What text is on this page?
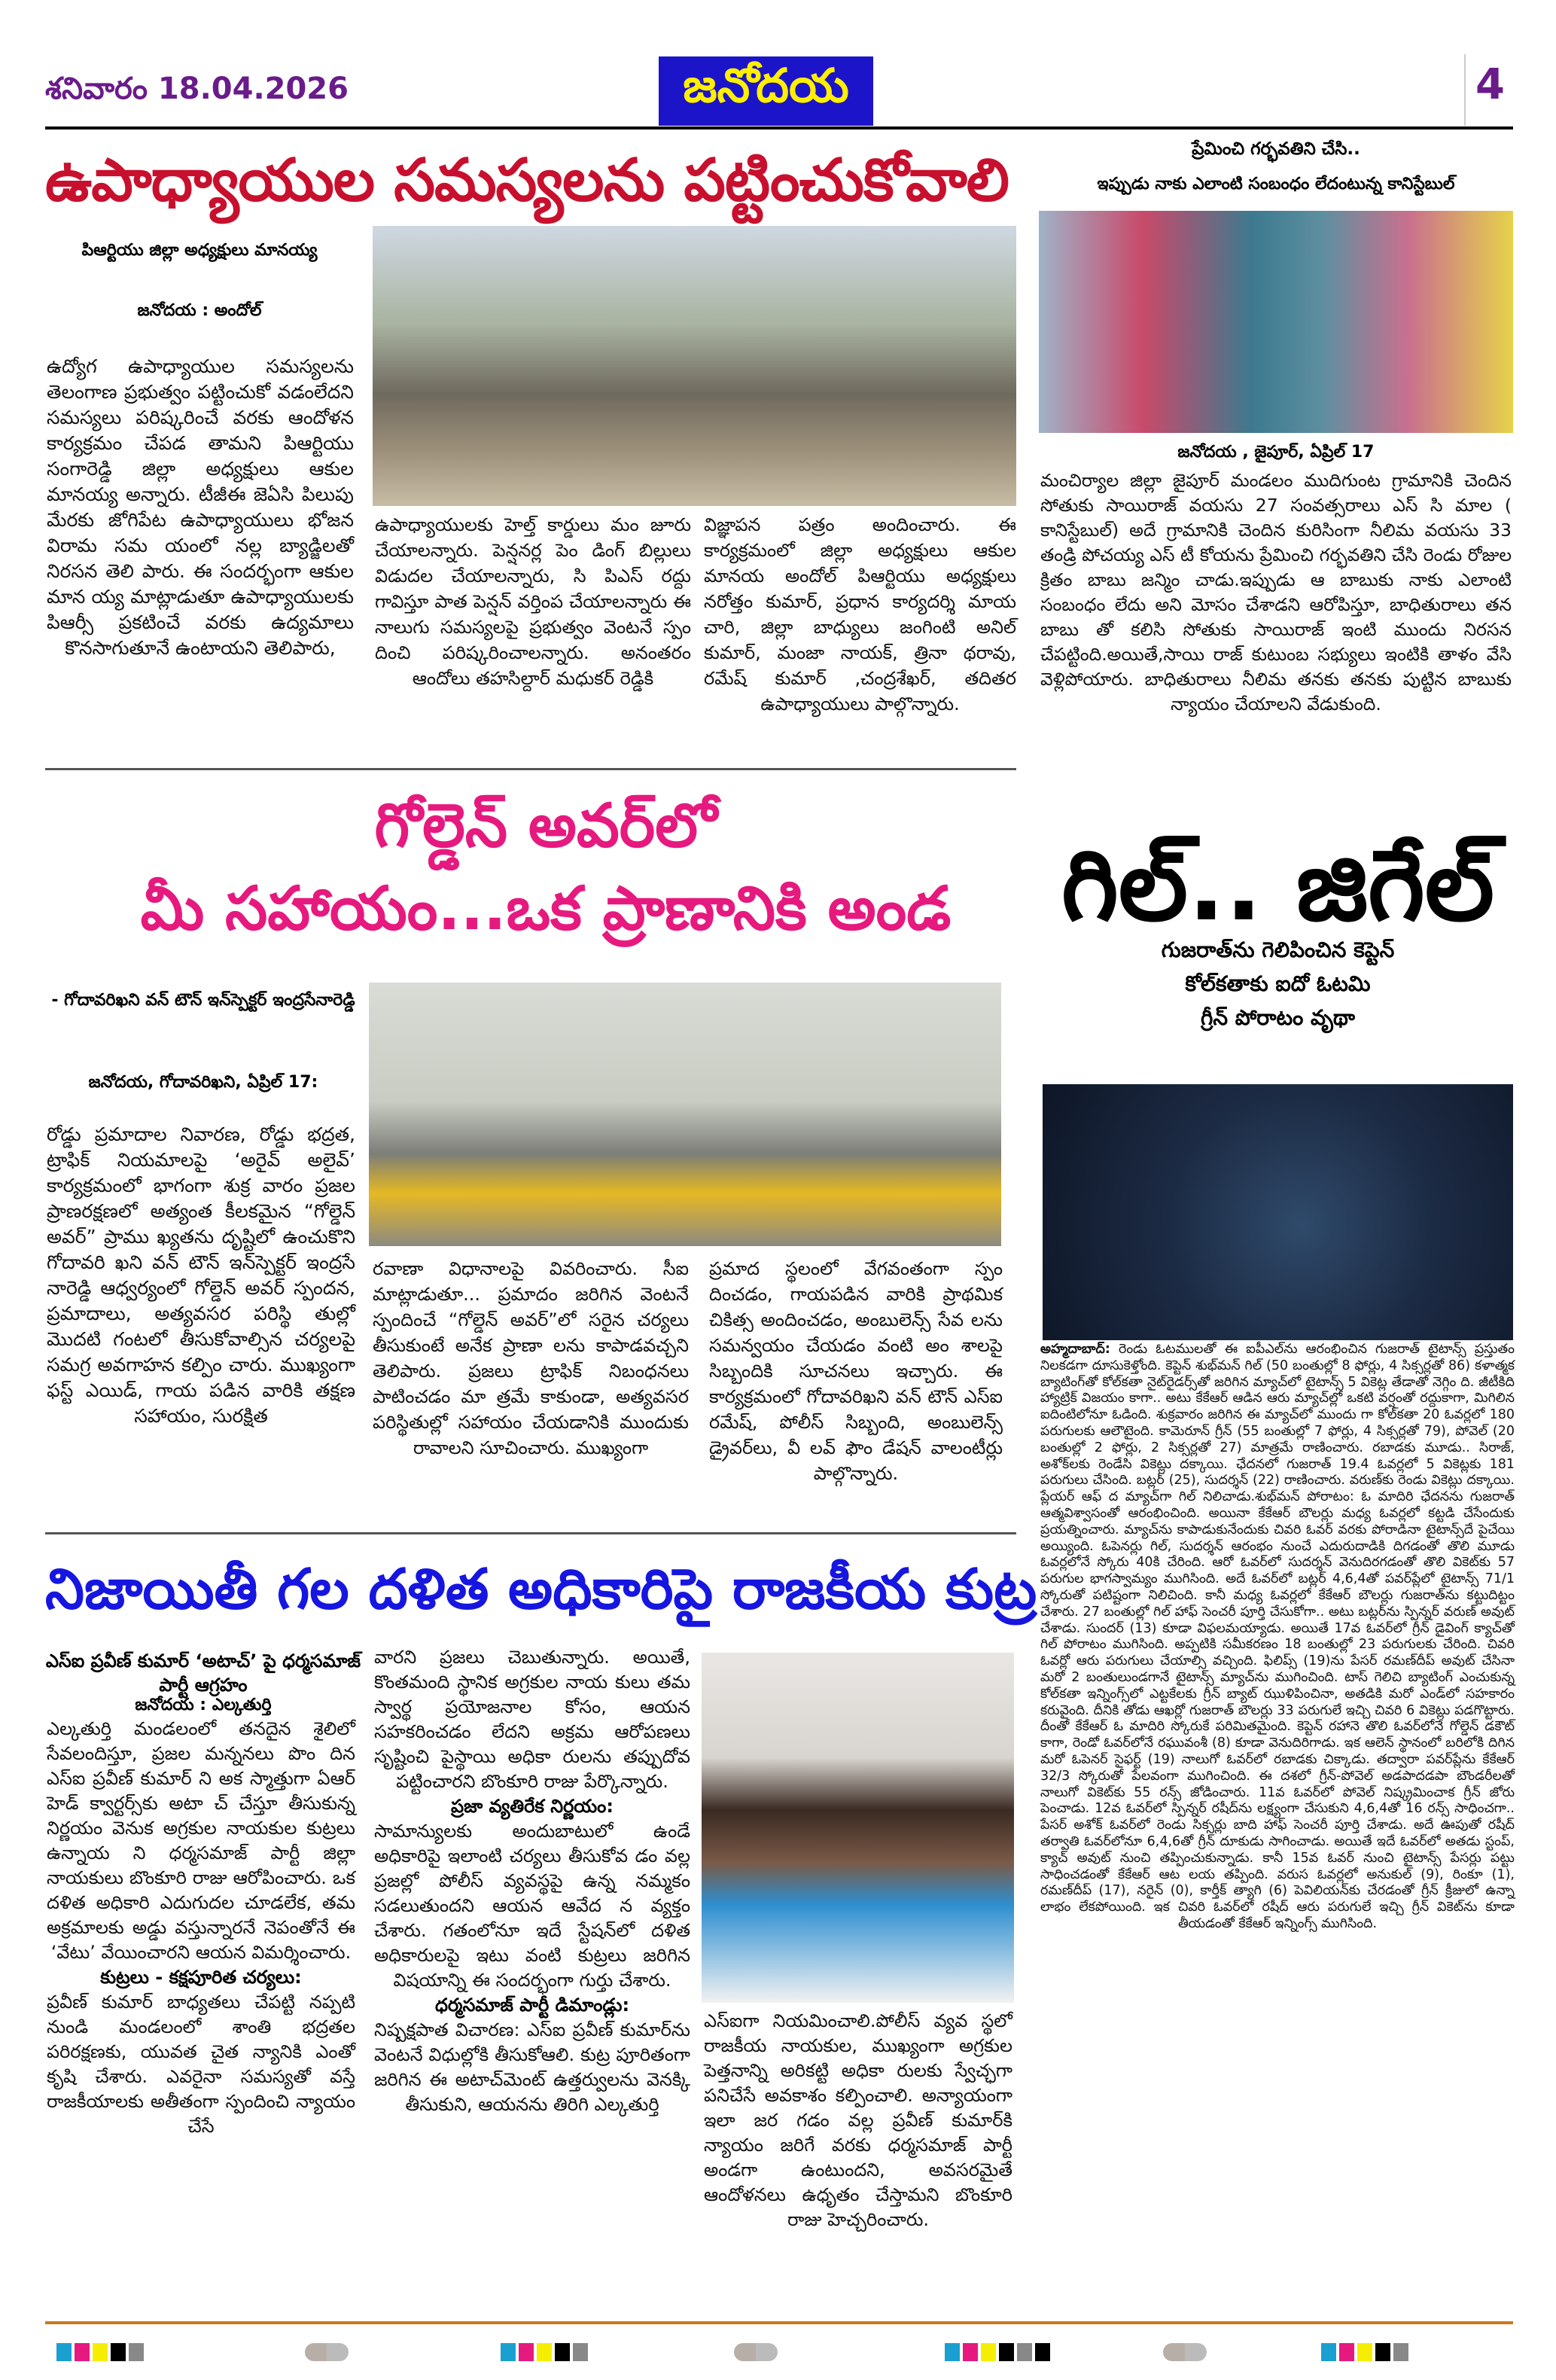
శనివారం 18.04.2026	జనోదయ	4
ఉపాధ్యాయుల సమస్యలను పట్టించుకోవాలి
పిఆర్టియు జిల్లా అధ్యక్షులు మానయ్య
జనోదయ : అందోల్
ఉద్యోగ ఉపాధ్యాయుల సమస్యలను తెలంగాణ ప్రభుత్వం పట్టించుకో వడంలేదని సమస్యలు పరిష్కరించే వరకు ఆందోళన కార్యక్రమం చేపడ తామని పిఆర్టియు సంగారెడ్డి జిల్లా అధ్యక్షులు ఆకుల మానయ్య అన్నారు. టీజీఈ జెఏసి పిలుపు మేరకు జోగిపేట ఉపాధ్యాయులు భోజన విరామ సమ యంలో నల్ల బ్యాడ్జిలతో నిరసన తెలి పారు. ఈ సందర్భంగా ఆకుల మాన య్య మాట్లాడుతూ ఉపాధ్యాయులకు పిఆర్సీ ప్రకటించే వరకు ఉద్యమాలు కొనసాగుతూనే ఉంటాయని తెలిపారు,
ఉపాధ్యాయులకు హెల్త్ కార్డులు మం జూరు చేయాలన్నారు. పెన్షనర్ల పెం డింగ్ బిల్లులు విడుదల చేయాలన్నారు, సి పిఎస్ రద్దు గావిస్తూ పాత పెన్షన్ వర్తింప చేయాలన్నారు ఈ నాలుగు సమస్యలపై ప్రభుత్వం వెంటనే స్పం దించి పరిష్కరించాలన్నారు. అనంతరం ఆందోలు తహసిల్దార్ మధుకర్ రెడ్డికి
విజ్ఞాపన పత్రం అందించారు. ఈ కార్యక్రమంలో జిల్లా అధ్యక్షులు ఆకుల మానయ అందోల్ పిఆర్టియు అధ్యక్షులు నరోత్తం కుమార్, ప్రధాన కార్యదర్శి మాయ చారి, జిల్లా బాధ్యులు జంగింటి అనిల్ కుమార్, మంజా నాయక్, త్రినా థరావు, రమేష్ కుమార్ ,చంద్రశేఖర్, తదితర ఉపాధ్యాయులు పాల్గొన్నారు.
ప్రేమించి గర్భవతిని చేసి..
ఇప్పుడు నాకు ఎలాంటి సంబంధం లేదంటున్న కానిస్టేబుల్
జనోదయ , జైపూర్, ఏప్రిల్ 17
మంచిర్యాల జిల్లా జైపూర్ మండలం ముదిగుంట గ్రామానికి చెందిన సోతుకు సాయిరాజ్ వయసు 27 సంవత్సరాలు ఎస్ సి మాల ( కానిస్టేబుల్) అదే గ్రామానికి చెందిన కురిసింగా నీలిమ వయసు 33 తండ్రి పోచయ్య ఎస్ టీ కోయను ప్రేమించి గర్భవతిని చేసి రెండు రోజుల క్రితం బాబు జన్మిం చాడు.ఇప్పుడు ఆ బాబుకు నాకు ఎలాంటి సంబంధం లేదు అని మోసం చేశాడని ఆరోపిస్తూ, బాధితురాలు తన బాబు తో కలిసి సోతుకు సాయిరాజ్ ఇంటి ముందు నిరసన చేపట్టింది.అయితే,సాయి రాజ్ కుటుంబ సభ్యులు ఇంటికి తాళం వేసి వెళ్లిపోయారు. బాధితురాలు నీలిమ తనకు తనకు పుట్టిన బాబుకు న్యాయం చేయాలని వేడుకుంది.
గోల్డెన్ అవర్‌లో
మీ సహాయం...ఒక ప్రాణానికి అండ
- గోదావరిఖని వన్ టౌన్ ఇన్‌స్పెక్టర్ ఇంద్రసేనారెడ్డి
జనోదయ, గోదావరిఖని, ఏప్రిల్ 17:
రోడ్డు ప్రమాదాల నివారణ, రోడ్డు భద్రత, ట్రాఫిక్ నియమాలపై ‘అరైవ్ అలైవ్’ కార్యక్రమంలో భాగంగా శుక్ర వారం ప్రజల ప్రాణరక్షణలో అత్యంత కీలకమైన “గోల్డెన్ అవర్” ప్రాము ఖ్యతను దృష్టిలో ఉంచుకొని గోదావరి ఖని వన్ టౌన్ ఇన్‌స్పెక్టర్ ఇంద్రసే నారెడ్డి ఆధ్వర్యంలో గోల్డెన్ అవర్ స్పందన, ప్రమాదాలు, అత్యవసర పరిస్థి తుల్లో మొదటి గంటలో తీసుకోవాల్సిన చర్యలపై సమగ్ర అవగాహన కల్పిం చారు. ముఖ్యంగా ఫస్ట్ ఎయిడ్, గాయ పడిన వారికి తక్షణ సహాయం, సురక్షిత
రవాణా విధానాలపై వివరించారు. సీఐ మాట్లాడుతూ... ప్రమాదం జరిగిన వెంటనే స్పందించే “గోల్డెన్ అవర్”లో సరైన చర్యలు తీసుకుంటే అనేక ప్రాణా లను కాపాడవచ్చని తెలిపారు. ప్రజలు ట్రాఫిక్ నిబంధనలు పాటించడం మా త్రమే కాకుండా, అత్యవసర పరిస్థితుల్లో సహాయం చేయడానికి ముందుకు రావాలని సూచించారు. ముఖ్యంగా
ప్రమాద స్థలంలో వేగవంతంగా స్పం దించడం, గాయపడిన వారికి ప్రాథమిక చికిత్స అందించడం, అంబులెన్స్ సేవ లను సమన్వయం చేయడం వంటి అం శాలపై సిబ్బందికి సూచనలు ఇచ్చారు. ఈ కార్యక్రమంలో గోదావరిఖని వన్ టౌన్ ఎస్ఐ రమేష్, పోలీస్ సిబ్బంది, అంబులెన్స్ డ్రైవర్‌లు, వీ లవ్ ఫౌం డేషన్ వాలంటీర్లు పాల్గొన్నారు.
గిల్.. జిగేల్
గుజరాత్‌ను గెలిపించిన కెప్టెన్
కోల్‌కతాకు ఐదో ఓటమి
గ్రీన్ పోరాటం వృథా
అహ్మదాబాద్: రెండు ఓటములతో ఈ ఐపీఎల్‌ను ఆరంభించిన గుజరాత్ టైటాన్స్ ప్రస్తుతం నిలకడగా దూసుకెళ్తోంది. కెప్టెన్ శుభ్‌మన్ గిల్ (50 బంతుల్లో 8 ఫోర్లు, 4 సిక్సర్లతో 86) కళాత్మక బ్యాటింగ్‌తో కోల్‌కతా నైట్‌రైడర్స్‌తో జరిగిన మ్యాచ్‌లో టైటాన్స్ 5 వికెట్ల తేడాతో నెగ్గిం ది. జీటీకిది హ్యాట్రిక్ విజయం కాగా.. అటు కేకేఆర్ ఆడిన ఆరు మ్యాచ్‌ల్లో ఒకటి వర్షంతో రద్దుకాగా, మిగిలిన ఐదింటిలోనూ ఓడింది. శుక్రవారం జరిగిన ఈ మ్యాచ్‌లో ముందు గా కోల్‌కతా 20 ఓవర్లలో 180 పరుగులకు ఆలౌటైంది. కామెరూన్ గ్రీన్ (55 బంతుల్లో 7 ఫోర్లు, 4 సిక్సర్లతో 79), పోవెల్ (20 బంతుల్లో 2 ఫోర్లు, 2 సిక్సర్లతో 27) మాత్రమే రాణించారు. రబాడకు మూడు.. సిరాజ్, అశోక్‌లకు రెండేసి వికెట్లు దక్కాయి. ఛేదనలో గుజరాత్ 19.4 ఓవర్లలో 5 వికెట్లకు 181 పరుగులు చేసింది. బట్లర్ (25), సుదర్శన్ (22) రాణించారు. వరుణ్‌కు రెండు వికెట్లు దక్కాయి. ప్లేయర్ ఆఫ్ ద మ్యాచ్‌గా గిల్ నిలిచాడు.శుభ్‌మన్ పోరాటం: ఓ మాదిరి ఛేదనను గుజరాత్ ఆత్మవిశ్వాసంతో ఆరంభించింది. అయినా కేకేఆర్ బౌలర్లు మధ్య ఓవర్లలో కట్టడి చేసేందుకు ప్రయత్నించారు. మ్యాచ్‌ను కాపాడుకునేందుకు చివరి ఓవర్ వరకు పోరాడినా టైటాన్స్‌దే పైచేయి అయ్యింది. ఓపెనర్లు గిల్, సుదర్శన్ ఆరంభం నుంచే ఎదురుదాడికి దిగడంతో తొలి మూడు ఓవర్లలోనే స్కోరు 40కి చేరింది. ఆరో ఓవర్‌లో సుదర్శన్ వెనుదిరగడంతో తొలి వికెట్‌కు 57 పరుగుల భాగస్వామ్యం ముగిసింది. అదే ఓవర్‌లో బట్లర్ 4,6,4తో పవర్‌ప్లేలో టైటాన్స్ 71/1 స్కోరుతో పటిష్టంగా నిలిచింది. కానీ మధ్య ఓవర్లలో కేకేఆర్ బౌలర్లు గుజరాత్‌ను కట్టుదిట్టం చేశారు. 27 బంతుల్లో గిల్ హాఫ్ సెంచరీ పూర్తి చేసుకోగా.. అటు బట్లర్‌ను స్పిన్నర్ వరుణ్ అవుట్ చేశాడు. సుందర్ (13) కూడా విఫలమయ్యాడు. అయితే 17వ ఓవర్‌లో గ్రీన్ డైవింగ్ క్యాచ్‌తో గిల్ పోరాటం ముగిసింది. అప్పటికి సమీకరణం 18 బంతుల్లో 23 పరుగులకు చేరింది. చివరి ఓవర్లో ఆరు పరుగులు చేయాల్సి వచ్చింది. ఫిలిప్స్ (19)ను పేసర్ రమణ్‌దీప్ అవుట్ చేసినా మరో 2 బంతులుండగానే టైటాన్స్ మ్యాచ్‌ను ముగించింది. టాస్ గెలిచి బ్యాటింగ్ ఎంచుకున్న కోల్‌కతా ఇన్నింగ్స్‌లో ఎట్టకేలకు గ్రీన్ బ్యాట్ ఝుళిపించినా, అతడికి మరో ఎండ్‌లో సహకారం కరువైంది. దీనికి తోడు ఆఖర్లో గుజరాత్ బౌలర్లు 33 పరుగులే ఇచ్చి చివరి 6 వికెట్లు పడగొట్టారు. దీంతో కేకేఆర్ ఓ మాదిరి స్కోరుకే పరిమితమైంది. కెప్టెన్ రహానె తొలి ఓవర్‌లోనే గోల్డెన్ డకౌట్ కాగా, రెండో ఓవర్‌లోనే రఘువంశీ (8) కూడా వెనుదిరిగాడు. ఇక ఆలెన్ స్థానంలో బరిలోకి దిగిన మరో ఓపెనర్ సైఫర్ట్ (19) నాలుగో ఓవర్‌లో రబాడకు చిక్కాడు. తద్వారా పవర్‌ప్లేను కేకేఆర్ 32/3 స్కోరుతో పేలవంగా ముగించింది. ఈ దశలో గ్రీన్-పోవెల్ అడపాదడపా బౌండరీలతో నాలుగో వికెట్‌కు 55 రన్స్ జోడించారు. 11వ ఓవర్‌లో పోవెల్ నిష్క్రమించాక గ్రీన్ జోరు పెంచాడు. 12వ ఓవర్‌లో స్పిన్నర్ రషీద్‌ను లక్ష్యంగా చేసుకుని 4,6,4తో 16 రన్స్ సాధించగా.. పేసర్ అశోక్ ఓవర్‌లో రెండు సిక్సర్లు బాది హాఫ్ సెంచరీ పూర్తి చేశాడు. అదే ఊపుతో రషీద్ తర్వాతి ఓవర్‌లోనూ 6,4,6తో గ్రీన్ దూకుడు సాగించాడు. అయితే ఇదే ఓవర్‌లో అతడు స్టంప్, క్యాచ్ అవుట్ నుంచి తప్పించుకున్నాడు. కానీ 15వ ఓవర్ నుంచి టైటాన్స్ పేసర్లు పట్టు సాధించడంతో కేకేఆర్ ఆట లయ తప్పింది. వరుస ఓవర్లలో అనుకుల్ (9), రింకూ (1), రమణ్‌దీప్ (17), నరైన్ (0), కార్తీక్ త్యాగి (6) పెవిలియన్‌కు చేరడంతో గ్రీన్ క్రీజులో ఉన్నా లాభం లేకపోయింది. ఇక చివరి ఓవర్‌లో రషీద్ ఆరు పరుగులే ఇచ్చి గ్రీన్ వికెట్‌ను కూడా తీయడంతో కేకేఆర్ ఇన్నింగ్స్ ముగిసింది.
నిజాయితీ గల దళిత అధికారిపై రాజకీయ కుట్ర
ఎస్ఐ ప్రవీణ్ కుమార్ ‘అటాచ్’ పై ధర్మసమాజ్ పార్టీ ఆగ్రహం
జనోదయ : ఎల్కతుర్తి

ఎల్కతుర్తి మండలంలో తనదైన శైలిలో సేవలందిస్తూ, ప్రజల మన్ననలు పొం దిన ఎస్ఐ ప్రవీణ్ కుమార్ ని అక స్మాత్తుగా ఏఆర్ హెడ్ క్వార్టర్స్‌కు అటా చ్ చేస్తూ తీసుకున్న నిర్ణయం వెనుక అగ్రకుల నాయకుల కుట్రలు ఉన్నాయ ని ధర్మసమాజ్ పార్టీ జిల్లా నాయకులు బొంకూరి రాజు ఆరోపించారు. ఒక దళిత అధికారి ఎదుగుదల చూడలేక, తమ అక్రమాలకు అడ్డు వస్తున్నారనే నెపంతోనే ఈ ‘వేటు’ వేయించారని ఆయన విమర్శించారు.

కుట్రలు - కక్షపూరిత చర్యలు:

ప్రవీణ్ కుమార్ బాధ్యతలు చేపట్టి నప్పటి నుండి మండలంలో శాంతి భద్రతల పరిరక్షణకు, యువత చైత న్యానికి ఎంతో కృషి చేశారు. ఎవరైనా సమస్యతో వస్తే రాజకీయాలకు అతీతంగా స్పందించి న్యాయం చేసే

వారని ప్రజలు చెబుతున్నారు. అయితే, కొంతమంది స్థానిక అగ్రకుల నాయ కులు తమ స్వార్థ ప్రయోజనాల కోసం, ఆయన సహకరించడం లేదని అక్రమ ఆరోపణలు సృష్టించి పైస్థాయి అధికా రులను తప్పుదోవ పట్టించారని బొంకూరి రాజు పేర్కొన్నారు.

ప్రజా వ్యతిరేక నిర్ణయం:

సామాన్యులకు అందుబాటులో ఉండే అధికారిపై ఇలాంటి చర్యలు తీసుకోవ డం వల్ల ప్రజల్లో పోలీస్ వ్యవస్థపై ఉన్న నమ్మకం సడలుతుందని ఆయన ఆవేద న వ్యక్తం చేశారు. గతంలోనూ ఇదే స్టేషన్‌లో దళిత అధికారులపై ఇటు వంటి కుట్రలు జరిగిన విషయాన్ని ఈ సందర్భంగా గుర్తు చేశారు.

ధర్మసమాజ్ పార్టీ డిమాండ్లు:

నిష్పక్షపాత విచారణ: ఎస్ఐ ప్రవీణ్ కుమార్‌ను వెంటనే విధుల్లోకి తీసుకోఆలి. కుట్ర పూరితంగా జరిగిన ఈ అటాచ్‌మెంట్ ఉత్తర్వులను వెనక్కి తీసుకుని, ఆయనను తిరిగి ఎల్కతుర్తి

ఎస్ఐగా నియమించాలి.పోలీస్ వ్యవ స్థలో రాజకీయ నాయకుల, ముఖ్యంగా అగ్రకుల పెత్తనాన్ని అరికట్టి అధికా రులకు స్వేచ్ఛగా పనిచేసే అవకాశం కల్పించాలి. అన్యాయంగా ఇలా జర గడం వల్ల ప్రవీణ్ కుమార్‌కి న్యాయం జరిగే వరకు ధర్మసమాజ్ పార్టీ అండగా ఉంటుందని, అవసరమైతే ఆందోళనలు ఉధృతం చేస్తామని బొంకూరి రాజు హెచ్చరించారు.
